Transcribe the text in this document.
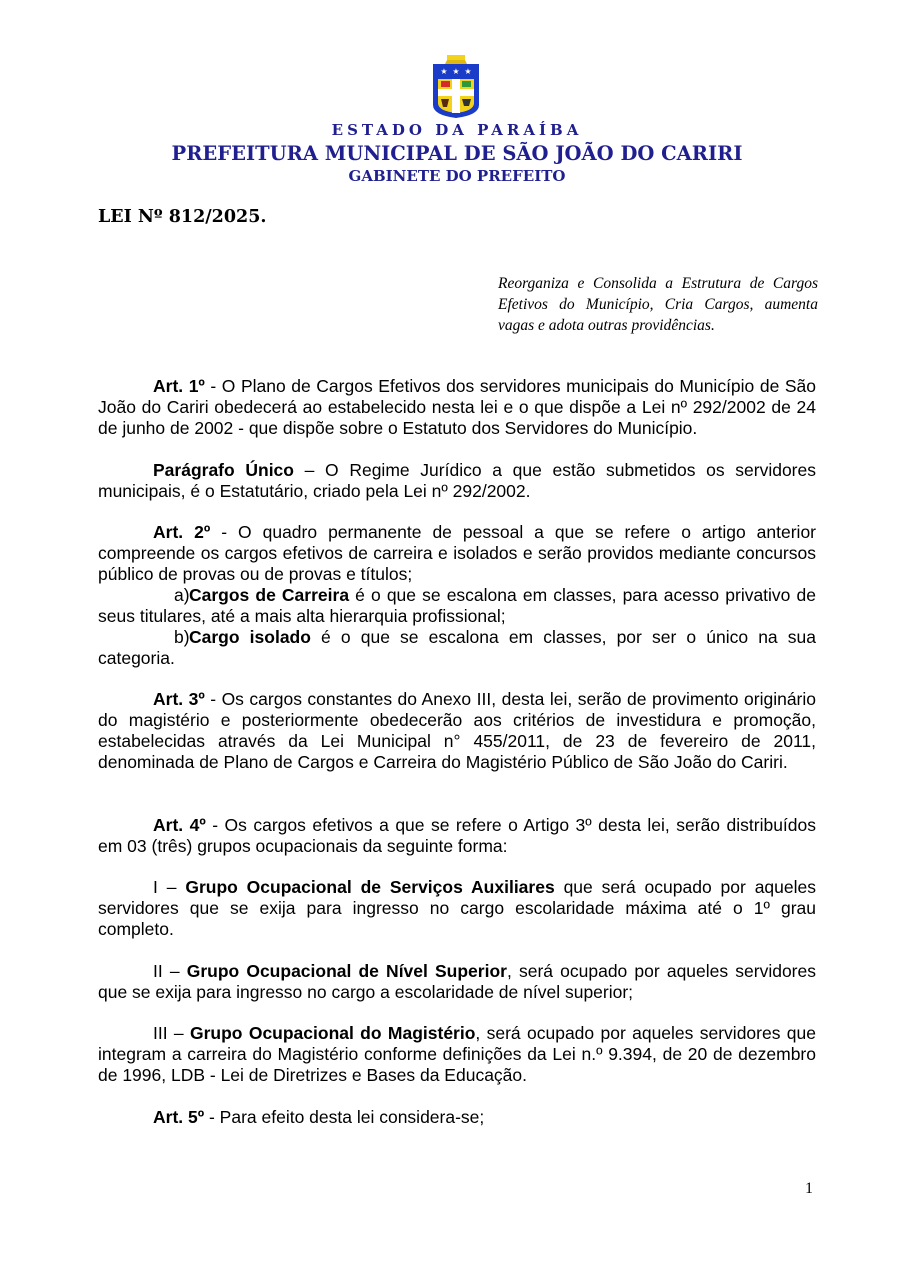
★ ★ ★
ESTADO DA PARAÍBA
PREFEITURA MUNICIPAL DE SÃO JOÃO DO CARIRI
GABINETE DO PREFEITO
LEI Nº 812/2025.
Reorganiza e Consolida a Estrutura de Cargos Efetivos do Município, Cria Cargos, aumenta vagas e adota outras providências.

Art. 1º - O Plano de Cargos Efetivos dos servidores municipais do Município de São João do Cariri obedecerá ao estabelecido nesta lei e o que dispõe a Lei nº 292/2002 de 24 de junho de 2002 - que dispõe sobre o Estatuto dos Servidores do Município.

Parágrafo Único – O Regime Jurídico a que estão submetidos os servidores municipais, é o Estatutário, criado pela Lei nº 292/2002.

Art. 2º - O quadro permanente de pessoal a que se refere o artigo anterior compreende os cargos efetivos de carreira e isolados e serão providos mediante concursos público de provas ou de provas e títulos;

a)Cargos de Carreira é o que se escalona em classes, para acesso privativo de seus titulares, até a mais alta hierarquia profissional;

b)Cargo isolado é o que se escalona em classes, por ser o único na sua categoria.

Art. 3º - Os cargos constantes do Anexo III, desta lei, serão de provimento originário do magistério e posteriormente obedecerão aos critérios de investidura e promoção, estabelecidas através da Lei Municipal n° 455/2011, de 23 de fevereiro de 2011, denominada de Plano de Cargos e Carreira do Magistério Público de São João do Cariri.

Art. 4º - Os cargos efetivos a que se refere o Artigo 3º desta lei, serão distribuídos em 03 (três) grupos ocupacionais da seguinte forma:

I – Grupo Ocupacional de Serviços Auxiliares que será ocupado por aqueles servidores que se exija para ingresso no cargo escolaridade máxima até o 1º grau completo.

II – Grupo Ocupacional de Nível Superior, será ocupado por aqueles servidores que se exija para ingresso no cargo a escolaridade de nível superior;

III – Grupo Ocupacional do Magistério, será ocupado por aqueles servidores que integram a carreira do Magistério conforme definições da Lei n.º 9.394, de 20 de dezembro de 1996, LDB - Lei de Diretrizes e Bases da Educação.

Art. 5º - Para efeito desta lei considera-se;

1
